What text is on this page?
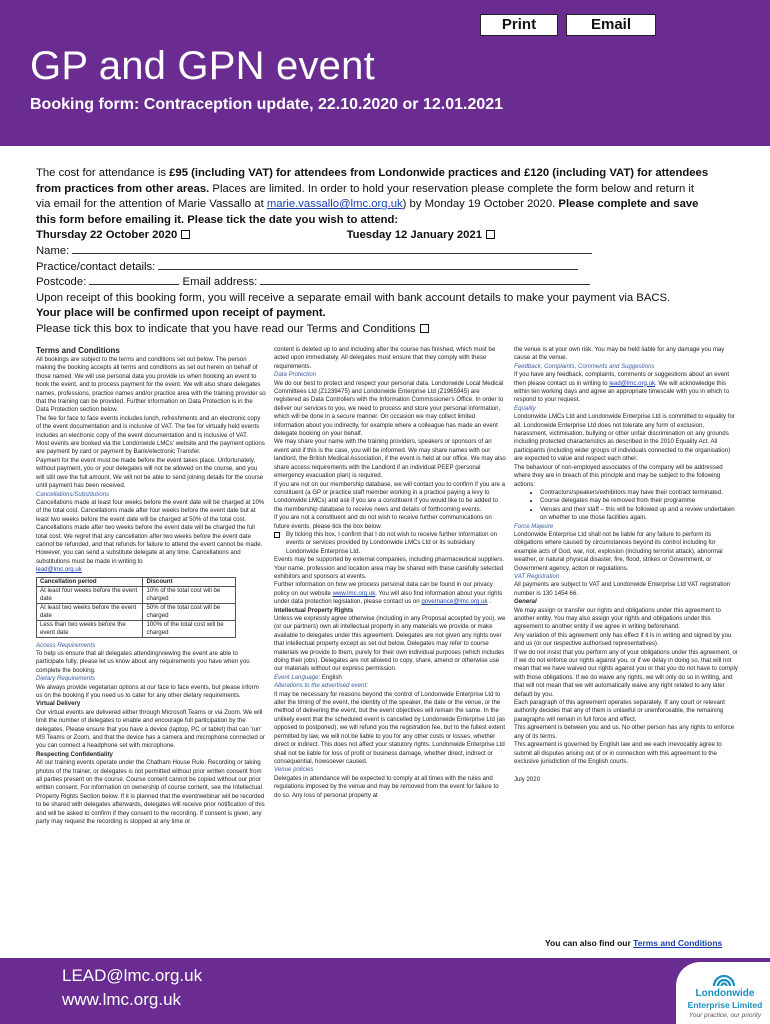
Print	Email
GP and GPN event
Booking form: Contraception update, 22.10.2020 or 12.01.2021
The cost for attendance is £95 (including VAT) for attendees from Londonwide practices and £120 (including VAT) for attendees
from practices from other areas. Places are limited. In order to hold your reservation please complete the form below and return it
via email for the attention of Marie Vassallo at marie.vassallo@lmc.org.uk) by Monday 19 October 2020. Please complete and save
this form before emailing it. Please tick the date you wish to attend:
Thursday 22 October 2020	Tuesday 12 January 2021
Name:
Practice/contact details:
Postcode:	Email address:
Upon receipt of this booking form, you will receive a separate email with bank account details to make your payment via BACS.
Your place will be confirmed upon receipt of payment.
Please tick this box to indicate that you have read our Terms and Conditions

Terms and Conditions

All bookings are subject to the terms and conditions set out below. The person making the booking accepts all terms and conditions as set out herein on behalf of those named. We will use personal data you provide us when booking an event to book the event, and to process payment for the event. We will also share delegates names, professions, practice names and/or practice area with the training provider so that the training can be provided. Further information on Data Protection is in the Data Protection section below.

The fee for face to face events includes lunch, refreshments and an electronic copy of the event documentation and is inclusive of VAT. The fee for virtually held events includes an electronic copy of the event documentation and is inclusive of VAT.

Most events are booked via the Londonwide LMCs' website and the payment options are payment by card or payment by Bank/electronic Transfer.

Payment for the event must be made before the event takes place. Unfortunately, without payment, you or your delegates will not be allowed on the course, and you will still owe the full amount. We will not be able to send joining details for the course until payment has been received.

Cancellations/Substitutions

Cancellations made at least four weeks before the event date will be charged at 10% of the total cost. Cancellations made after four weeks before the event date but at least two weeks before the event date will be charged at 50% of the total cost. Cancellations made after two weeks before the event date will be charged the full total cost. We regret that any cancellation after two weeks before the event date cannot be refunded, and that refunds for failure to attend the event cannot be made. However, you can send a substitute delegate at any time. Cancellations and substitutions must be made in writing to

lead@lmc.org.uk

Cancellation period	Discount
At least four weeks before the event date	10% of the total cost will be charged
At least two weeks before the event date	50% of the total cost will be charged
Less than two weeks before the event date	100% of the total cost will be charged

Access Requirements

To help us ensure that all delegates attending/viewing the event are able to participate fully, please let us know about any requirements you have when you complete the booking.

Dietary Requirements

We always provide vegetarian options at our face to face events, but please inform us on the booking if you need us to cater for any other dietary requirements.

Virtual Delivery

Our virtual events are delivered either through Microsoft Teams or via Zoom. We will limit the number of delegates to enable and encourage full participation by the delegates. Please ensure that you have a device (laptop, PC or tablet) that can 'run' MS Teams or Zoom, and that the device has a camera and microphone connected or you can connect a headphone set with microphone.

Respecting Confidentiality

All our training events operate under the Chatham House Rule. Recording or taking photos of the trainer, or delegates is not permitted without prior written consent from all parties present on the course. Course content cannot be copied without our prior written consent. For information on ownership of course content, see the Intellectual Property Rights Section below. If it is planned that the event/webinar will be recorded to be shared with delegates afterwards, delegates will receive prior notification of this and will be asked to confirm if they consent to the recording. If consent is given, any party may request the recording is stopped at any time or

content is deleted up to and including after the course has finished, which must be acted upon immediately. All delegates must ensure that they comply with these requirements.

Data Protection

We do our best to protect and respect your personal data. Londonwide Local Medical Committees Ltd (Z1239475) and Londonwide Enterprise Ltd (Z1965945) are registered as Data Controllers with the Information Commissioner's Office. In order to deliver our services to you, we need to process and store your personal information, which will be done in a secure manner. On occasion we may collect limited information about you indirectly, for example where a colleague has made an event delegate booking on your behalf.

We may share your name with the training providers, speakers or sponsors of an event and if this is the case, you will be informed. We may share names with our landlord, the British Medical Association, if the event is held at our office. We may also share access requirements with the Landlord if an individual PEEP (personal emergency evacuation plan) is required.

If you are not on our membership database, we will contact you to confirm if you are a constituent (a GP or practice staff member working in a practice paying a levy to Londonwide LMCs) and ask if you are a constituent if you would like to be added to the membership database to receive news and details of forthcoming events.

If you are not a constituent and do not wish to receive further communications on future events, please tick the box below.

By ticking this box, I confirm that I do not wish to receive further information on events or services provided by Londonwide LMCs Ltd or its subsidiary Londonwide Enterprise Ltd.

Events may be supported by external companies, including pharmaceutical suppliers. Your name, profession and location area may be shared with these carefully selected exhibitors and sponsors at events.

Further information on how we process personal data can be found in our privacy policy on our website www.lmc.org.uk. You will also find information about your rights under data protection legislation, please contact us on governance@lmc.org.uk .

Intellectual Property Rights

Unless we expressly agree otherwise (including in any Proposal accepted by you), we (or our partners) own all intellectual property in any materials we provide or make available to delegates under this agreement. Delegates are not given any rights over that intellectual property except as set out below. Delegates may refer to course materials we provide to them, purely for their own individual purposes (which includes doing their jobs). Delegates are not allowed to copy, share, amend or otherwise use our materials without our express permission.

Event Language: English

Alterations to the advertised event:

It may be necessary for reasons beyond the control of Londonwide Enterprise Ltd to alter the timing of the event, the identity of the speaker, the date or the venue, or the method of delivering the event, but the event objectives will remain the same. In the unlikely event that the scheduled event is cancelled by Londonwide Enterprise Ltd (as opposed to postponed), we will refund you the registration fee, but to the fullest extent permitted by law, we will not be liable to you for any other costs or losses, whether direct or indirect. This does not affect your statutory rights. Londonwide Enterprise Ltd shall not be liable for loss of profit or business damage, whether direct, indirect or consequential, howsoever caused.

Venue policies

Delegates in attendance will be expected to comply at all times with the rules and regulations imposed by the venue and may be removed from the event for failure to do so. Any loss of personal property at

the venue is at your own risk. You may be held liable for any damage you may cause at the venue.

Feedback, Complaints, Comments and Suggestions

If you have any feedback, complaints, comments or suggestions about an event then please contact us in writing to lead@lmc.org.uk. We will acknowledge this within ten working days and agree an appropriate timescale with you in which to respond to your request.

Equality

Londonwide LMCs Ltd and Londonwide Enterprise Ltd is committed to equality for all. Londonwide Enterprise Ltd does not tolerate any form of exclusion, harassment, victimisation, bullying or other unfair discrimination on any grounds including protected characteristics as described in the 2010 Equality Act. All participants (including wider groups of individuals connected to the organisation) are expected to value and respect each other.

The behaviour of non-employed associates of the company will be addressed where they are in breach of this principle and may be subject to the following actions:

• Contractors/speakers/exhibitors may have their contract terminated.
• Course delegates may be removed from their programme
• Venues and their staff – this will be followed up and a review undertaken on whether to use those facilities again.

Force Majeure

Londonwide Enterprise Ltd shall not be liable for any failure to perform its obligations where caused by circumstances beyond its control including for example acts of God, war, riot, explosion (including terrorist attack), abnormal weather, or natural physical disaster, fire, flood, strikes or Government, or Government agency, action or regulations.

VAT Registration

All payments are subject to VAT and Londonwide Enterprise Ltd VAT registration number is 130 1454 66.

General

We may assign or transfer our rights and obligations under this agreement to another entity. You may also assign your rights and obligations under this agreement to another entity if we agree in writing beforehand.

Any variation of this agreement only has effect if it is in writing and signed by you and us (or our respective authorised representatives).

If we do not insist that you perform any of your obligations under this agreement, or if we do not enforce our rights against you, or if we delay in doing so, that will not mean that we have waived our rights against you or that you do not have to comply with those obligations. If we do waive any rights, we will only do so in writing, and that will not mean that we will automatically waive any right related to any later default by you.

Each paragraph of this agreement operates separately. If any court or relevant authority decides that any of them is unlawful or unenforceable, the remaining paragraphs will remain in full force and effect.

This agreement is between you and us. No other person has any rights to enforce any of its terms.

This agreement is governed by English law and we each irrevocably agree to submit all disputes arising out of or in connection with this agreement to the exclusive jurisdiction of the English courts.

July 2020

You can also find our Terms and Conditions
LEAD@lmc.org.uk
www.lmc.org.uk	Londonwide
Enterprise Limited
Your practice, our priority
